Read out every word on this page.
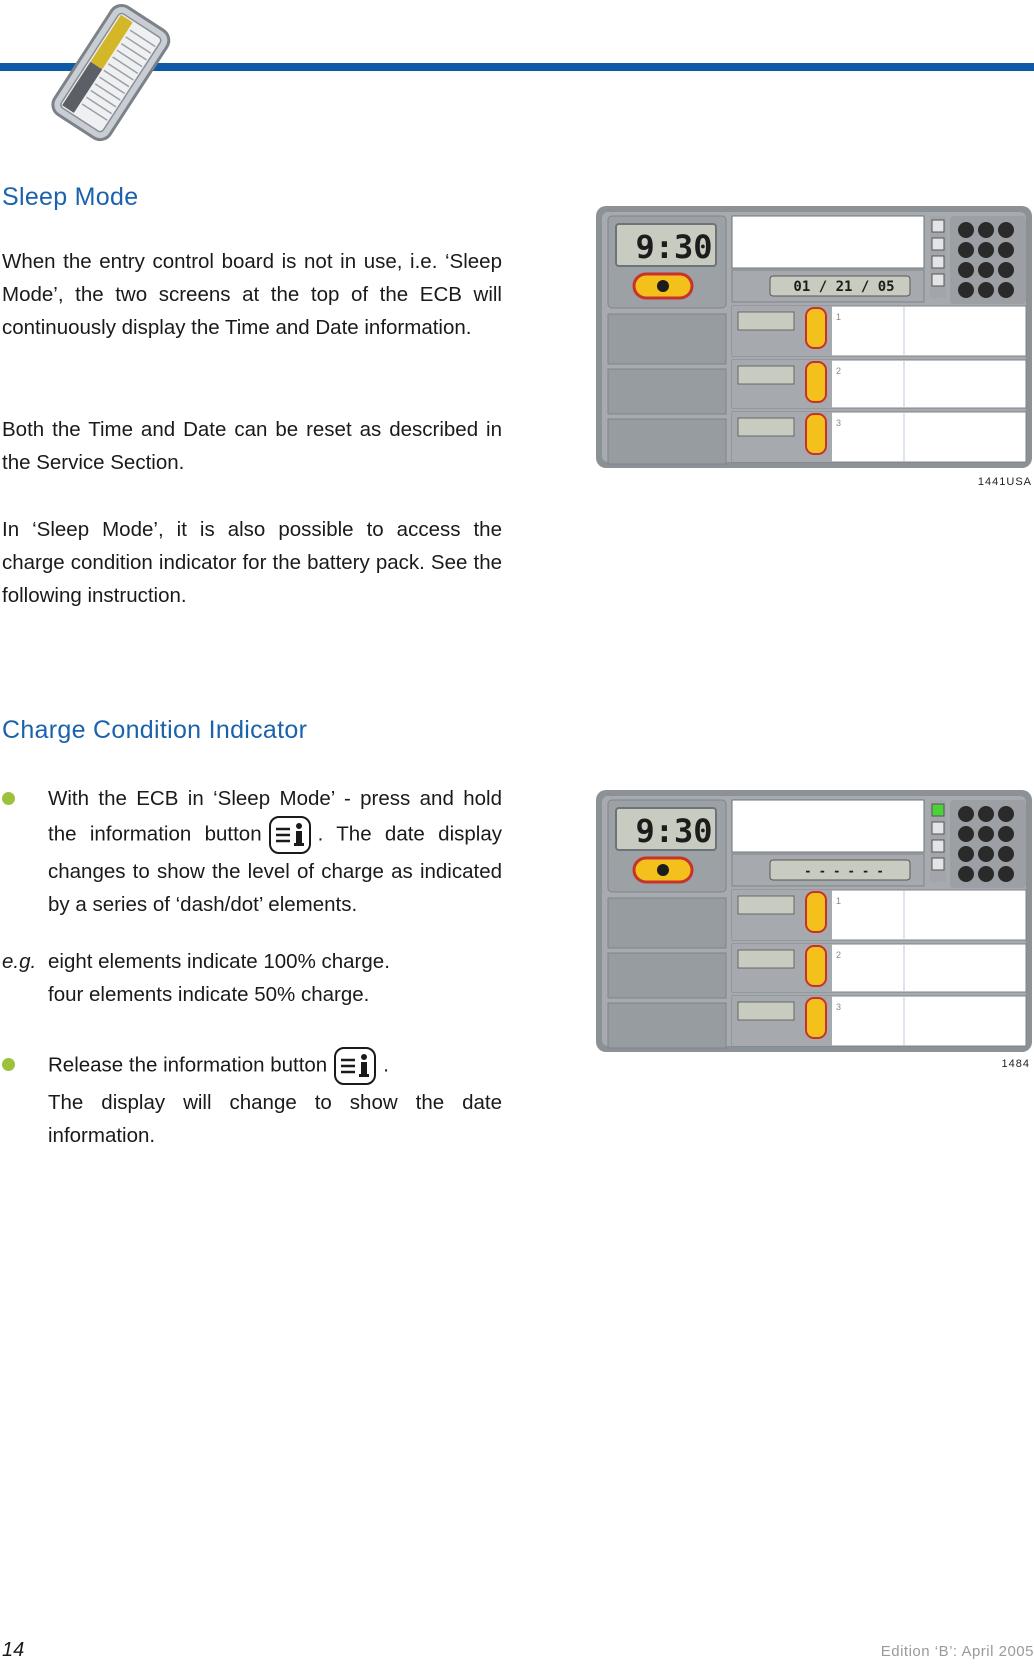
Sleep Mode

When the entry control board is not in use, i.e. ‘Sleep Mode’, the two screens at the top of the ECB will continuously display the Time and Date information.

Both the Time and Date can be reset as described in the Service Section.

In ‘Sleep Mode’, it is also possible to access the charge condition indicator for the battery pack. See the following instruction.

9:30
01 / 21 / 05
1
2
3
1441USA
Charge Condition Indicator

With the ECB in ‘Sleep Mode’ - press and hold the information button	. The date display changes to show the level of charge as indicated by a series of ‘dash/dot’ elements.

e.g. eight elements indicate 100% charge.
four elements indicate 50% charge.

Release the information button	.
The display will change to show the date information.

9:30
- - - - - -
1
2
3
1484
14	Edition ‘B’: April 2005
